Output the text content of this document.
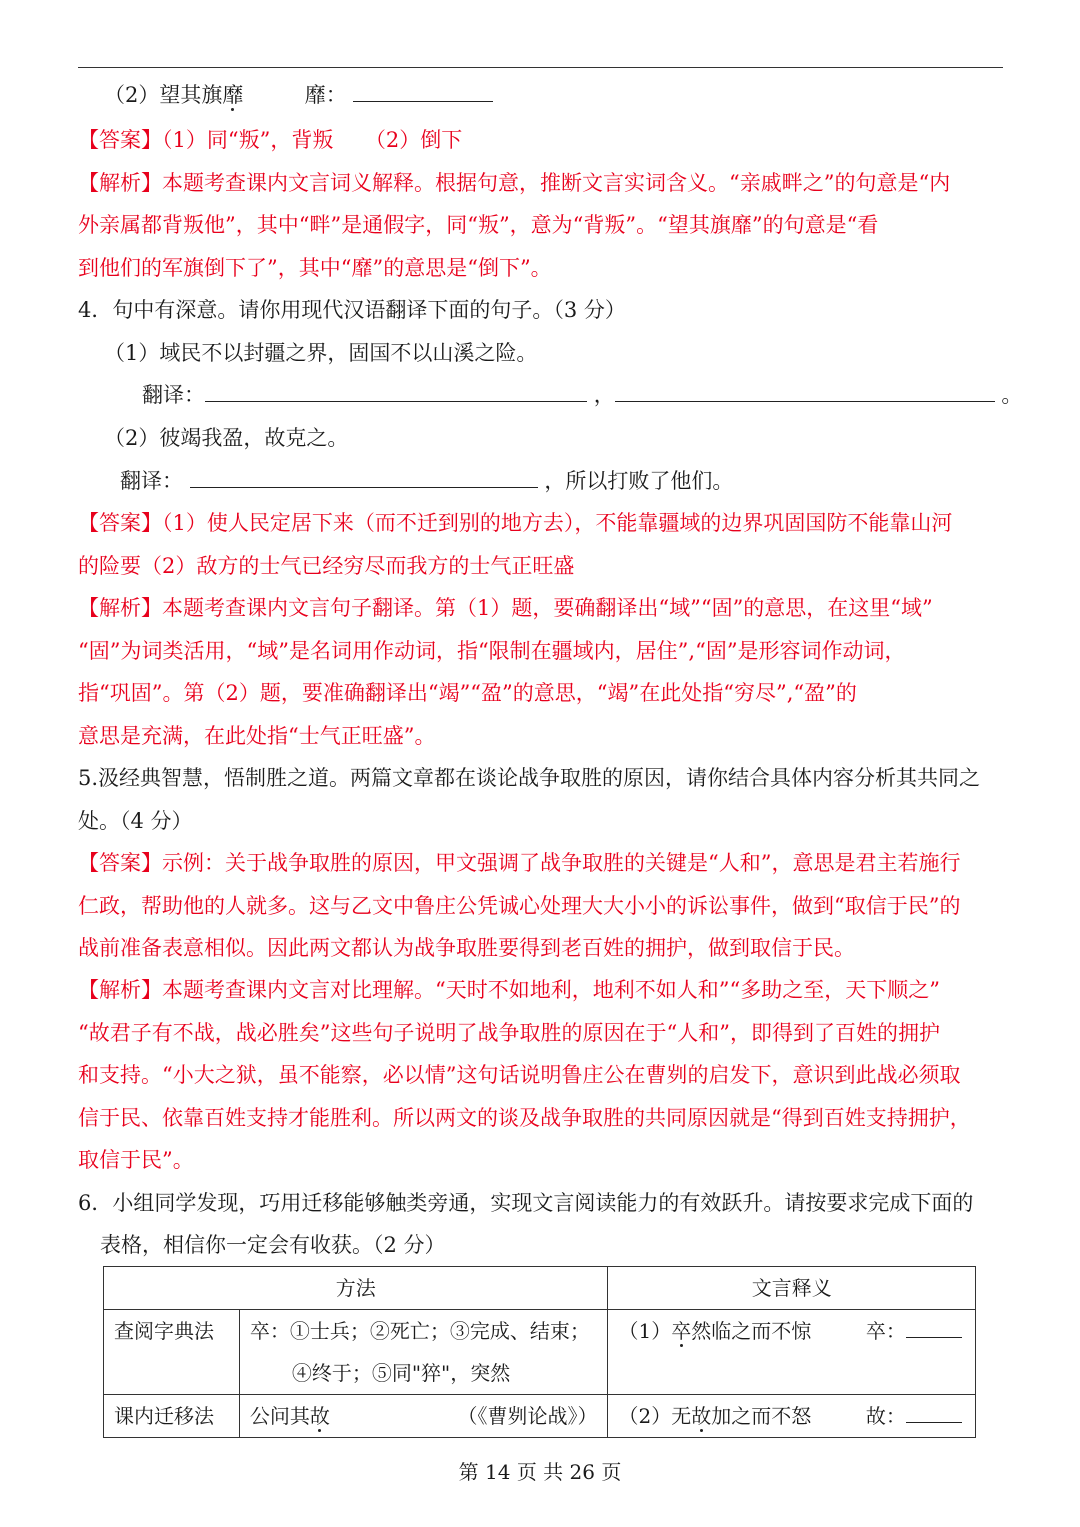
（2）望其旗靡	靡：
【答案】（1）同“叛”，背叛　　（2）倒下
【解析】本题考查课内文言词义解释。根据句意，推断文言实词含义。“亲戚畔之”的句意是“内
外亲属都背叛他”，其中“畔”是通假字，同“叛”，意为“背叛”。“望其旗靡”的句意是“看
到他们的军旗倒下了”，其中“靡”的意思是“倒下”。
4．句中有深意。请你用现代汉语翻译下面的句子。（3 分）
（1）域民不以封疆之界，固国不以山溪之险。
翻译：	，	。
（2）彼竭我盈，故克之。
翻译：	，所以打败了他们。
【答案】（1）使人民定居下来（而不迁到别的地方去），不能靠疆域的边界巩固国防不能靠山河
的险要（2）敌方的士气已经穷尽而我方的士气正旺盛
【解析】本题考查课内文言句子翻译。第（1）题，要确翻译出“域”“固”的意思，在这里“域”
“固”为词类活用，“域”是名词用作动词，指“限制在疆域内，居住”,“固”是形容词作动词，
指“巩固”。第（2）题，要准确翻译出“竭”“盈”的意思，“竭”在此处指“穷尽”,“盈”的
意思是充满，在此处指“士气正旺盛”。
5.汲经典智慧，悟制胜之道。两篇文章都在谈论战争取胜的原因，请你结合具体内容分析其共同之
处。（4 分）
【答案】示例：关于战争取胜的原因，甲文强调了战争取胜的关键是“人和”，意思是君主若施行
仁政，帮助他的人就多。这与乙文中鲁庄公凭诚心处理大大小小的诉讼事件，做到“取信于民”的
战前准备表意相似。因此两文都认为战争取胜要得到老百姓的拥护，做到取信于民。
【解析】本题考查课内文言对比理解。“天时不如地利，地利不如人和”“多助之至，天下顺之”
“故君子有不战，战必胜矣”这些句子说明了战争取胜的原因在于“人和”，即得到了百姓的拥护
和支持。“小大之狱，虽不能察，必以情”这句话说明鲁庄公在曹刿的启发下，意识到此战必须取
信于民、依靠百姓支持才能胜利。所以两文的谈及战争取胜的共同原因就是“得到百姓支持拥护，
取信于民”。
6．小组同学发现，巧用迁移能够触类旁通，实现文言阅读能力的有效跃升。请按要求完成下面的
表格，相信你一定会有收获。（2 分）
方法		文言释义
查阅字典法	卒：①士兵；②死亡；③完成、结束；
④终于；⑤同"猝"，突然	（1）卒然临之而不惊 卒：
课内迁移法	公问其故 （《曹刿论战》）	（2）无故加之而不怒 故：
第 14 页 共 26 页
